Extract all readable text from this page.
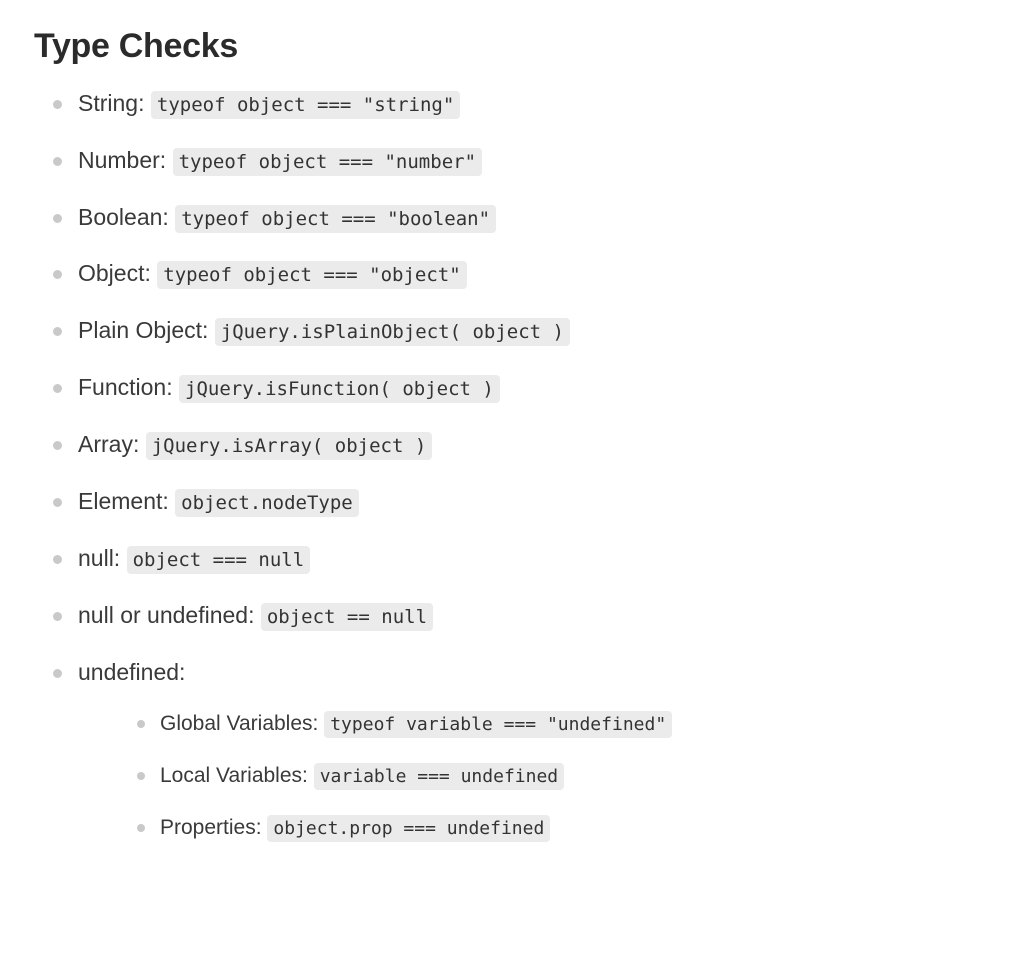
Type Checks
String: typeof object === "string"
Number: typeof object === "number"
Boolean: typeof object === "boolean"
Object: typeof object === "object"
Plain Object: jQuery.isPlainObject( object )
Function: jQuery.isFunction( object )
Array: jQuery.isArray( object )
Element: object.nodeType
null: object === null
null or undefined: object == null
undefined:
Global Variables: typeof variable === "undefined"
Local Variables: variable === undefined
Properties: object.prop === undefined
